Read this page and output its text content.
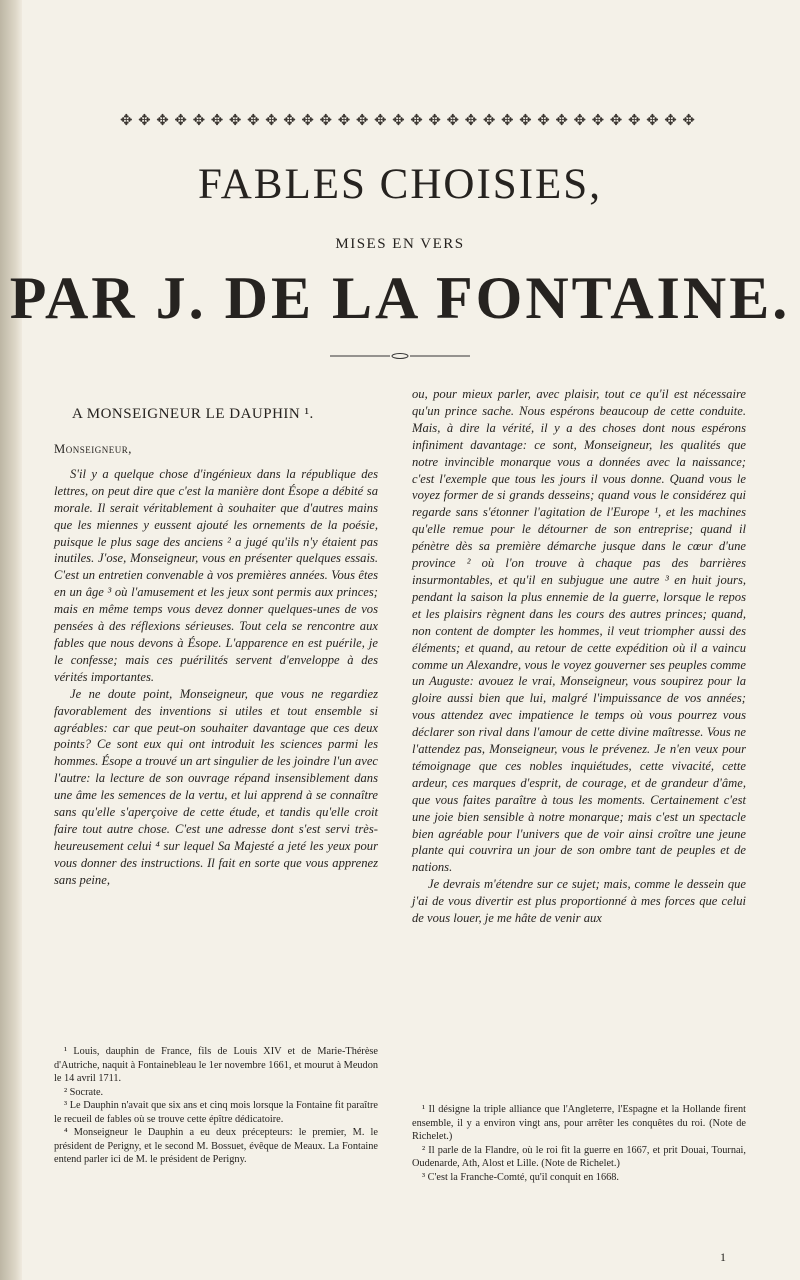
✥ ✥ ✥ ✥ ✥ ✥ ✥ ✥ ✥ ✥ ✥ ✥ ✥ ✥ ✥ ✥ ✥ ✥ ✥ ✥ ✥ ✥ ✥ ✥ ✥ ✥ ✥ ✥ ✥ ✥ ✥ ✥
FABLES CHOISIES,
MISES EN VERS
PAR J. DE LA FONTAINE.
A MONSEIGNEUR LE DAUPHIN ¹.

Monseigneur,

S'il y a quelque chose d'ingénieux dans la république des lettres, on peut dire que c'est la manière dont Ésope a débité sa morale. Il serait véritablement à souhaiter que d'autres mains que les miennes y eussent ajouté les ornements de la poésie, puisque le plus sage des anciens ² a jugé qu'ils n'y étaient pas inutiles. J'ose, Monseigneur, vous en présenter quelques essais. C'est un entretien convenable à vos premières années. Vous êtes en un âge ³ où l'amusement et les jeux sont permis aux princes; mais en même temps vous devez donner quelques-unes de vos pensées à des réflexions sérieuses. Tout cela se rencontre aux fables que nous devons à Ésope. L'apparence en est puérile, je le confesse; mais ces puérilités servent d'enveloppe à des vérités importantes.

Je ne doute point, Monseigneur, que vous ne regardiez favorablement des inventions si utiles et tout ensemble si agréables: car que peut-on souhaiter davantage que ces deux points? Ce sont eux qui ont introduit les sciences parmi les hommes. Ésope a trouvé un art singulier de les joindre l'un avec l'autre: la lecture de son ouvrage répand insensiblement dans une âme les semences de la vertu, et lui apprend à se connaître sans qu'elle s'aperçoive de cette étude, et tandis qu'elle croit faire tout autre chose. C'est une adresse dont s'est servi très-heureusement celui ⁴ sur lequel Sa Majesté a jeté les yeux pour vous donner des instructions. Il fait en sorte que vous apprenez sans peine,

¹ Louis, dauphin de France, fils de Louis XIV et de Marie-Thérèse d'Autriche, naquit à Fontainebleau le 1er novembre 1661, et mourut à Meudon le 14 avril 1711.

² Socrate.

³ Le Dauphin n'avait que six ans et cinq mois lorsque la Fontaine fit paraître le recueil de fables où se trouve cette épître dédicatoire.

⁴ Monseigneur le Dauphin a eu deux précepteurs: le premier, M. le président de Perigny, et le second M. Bossuet, évêque de Meaux. La Fontaine entend parler ici de M. le président de Perigny.

ou, pour mieux parler, avec plaisir, tout ce qu'il est nécessaire qu'un prince sache. Nous espérons beaucoup de cette conduite. Mais, à dire la vérité, il y a des choses dont nous espérons infiniment davantage: ce sont, Monseigneur, les qualités que notre invincible monarque vous a données avec la naissance; c'est l'exemple que tous les jours il vous donne. Quand vous le voyez former de si grands desseins; quand vous le considérez qui regarde sans s'étonner l'agitation de l'Europe ¹, et les machines qu'elle remue pour le détourner de son entreprise; quand il pénètre dès sa première démarche jusque dans le cœur d'une province ² où l'on trouve à chaque pas des barrières insurmontables, et qu'il en subjugue une autre ³ en huit jours, pendant la saison la plus ennemie de la guerre, lorsque le repos et les plaisirs règnent dans les cours des autres princes; quand, non content de dompter les hommes, il veut triompher aussi des éléments; et quand, au retour de cette expédition où il a vaincu comme un Alexandre, vous le voyez gouverner ses peuples comme un Auguste: avouez le vrai, Monseigneur, vous soupirez pour la gloire aussi bien que lui, malgré l'impuissance de vos années; vous attendez avec impatience le temps où vous pourrez vous déclarer son rival dans l'amour de cette divine maîtresse. Vous ne l'attendez pas, Monseigneur, vous le prévenez. Je n'en veux pour témoignage que ces nobles inquiétudes, cette vivacité, cette ardeur, ces marques d'esprit, de courage, et de grandeur d'âme, que vous faites paraître à tous les moments. Certainement c'est une joie bien sensible à notre monarque; mais c'est un spectacle bien agréable pour l'univers que de voir ainsi croître une jeune plante qui couvrira un jour de son ombre tant de peuples et de nations.

Je devrais m'étendre sur ce sujet; mais, comme le dessein que j'ai de vous divertir est plus proportionné à mes forces que celui de vous louer, je me hâte de venir aux

¹ Il désigne la triple alliance que l'Angleterre, l'Espagne et la Hollande firent ensemble, il y a environ vingt ans, pour arrêter les conquêtes du roi. (Note de Richelet.)

² Il parle de la Flandre, où le roi fit la guerre en 1667, et prit Douai, Tournai, Oudenarde, Ath, Alost et Lille. (Note de Richelet.)

³ C'est la Franche-Comté, qu'il conquit en 1668.

1
